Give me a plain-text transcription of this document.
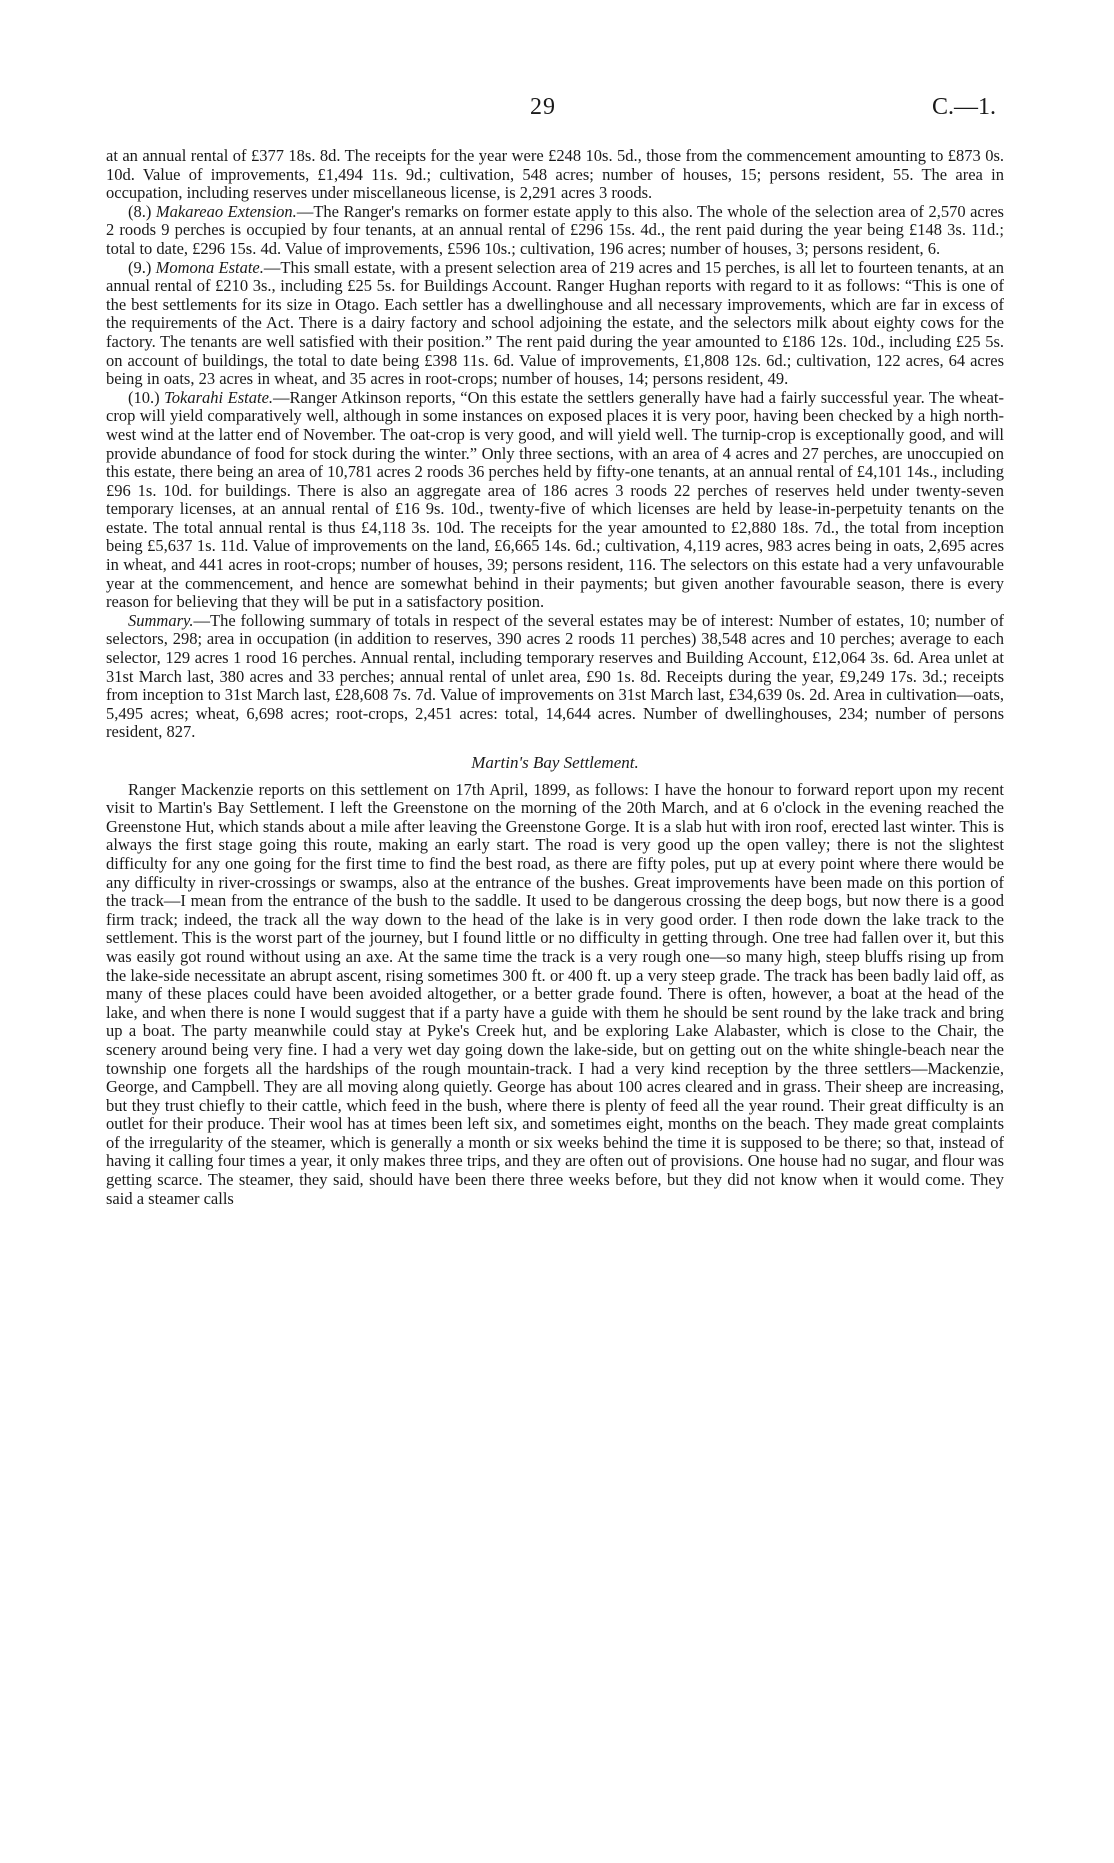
29	C.—1.

at an annual rental of £377 18s. 8d. The receipts for the year were £248 10s. 5d., those from the commencement amounting to £873 0s. 10d. Value of improvements, £1,494 11s. 9d.; cultivation, 548 acres; number of houses, 15; persons resident, 55. The area in occupation, including reserves under miscellaneous license, is 2,291 acres 3 roods.

(8.) Makareao Extension.—The Ranger's remarks on former estate apply to this also. The whole of the selection area of 2,570 acres 2 roods 9 perches is occupied by four tenants, at an annual rental of £296 15s. 4d., the rent paid during the year being £148 3s. 11d.; total to date, £296 15s. 4d. Value of improvements, £596 10s.; cultivation, 196 acres; number of houses, 3; persons resident, 6.

(9.) Momona Estate.—This small estate, with a present selection area of 219 acres and 15 perches, is all let to fourteen tenants, at an annual rental of £210 3s., including £25 5s. for Buildings Account. Ranger Hughan reports with regard to it as follows: “This is one of the best settlements for its size in Otago. Each settler has a dwellinghouse and all necessary improvements, which are far in excess of the requirements of the Act. There is a dairy factory and school adjoining the estate, and the selectors milk about eighty cows for the factory. The tenants are well satisfied with their position.” The rent paid during the year amounted to £186 12s. 10d., including £25 5s. on account of buildings, the total to date being £398 11s. 6d. Value of improvements, £1,808 12s. 6d.; cultivation, 122 acres, 64 acres being in oats, 23 acres in wheat, and 35 acres in root-crops; number of houses, 14; persons resident, 49.

(10.) Tokarahi Estate.—Ranger Atkinson reports, “On this estate the settlers generally have had a fairly successful year. The wheat-crop will yield comparatively well, although in some instances on exposed places it is very poor, having been checked by a high north-west wind at the latter end of November. The oat-crop is very good, and will yield well. The turnip-crop is exceptionally good, and will provide abundance of food for stock during the winter.” Only three sections, with an area of 4 acres and 27 perches, are unoccupied on this estate, there being an area of 10,781 acres 2 roods 36 perches held by fifty-one tenants, at an annual rental of £4,101 14s., including £96 1s. 10d. for buildings. There is also an aggregate area of 186 acres 3 roods 22 perches of reserves held under twenty-seven temporary licenses, at an annual rental of £16 9s. 10d., twenty-five of which licenses are held by lease-in-perpetuity tenants on the estate. The total annual rental is thus £4,118 3s. 10d. The receipts for the year amounted to £2,880 18s. 7d., the total from inception being £5,637 1s. 11d. Value of improvements on the land, £6,665 14s. 6d.; cultivation, 4,119 acres, 983 acres being in oats, 2,695 acres in wheat, and 441 acres in root-crops; number of houses, 39; persons resident, 116. The selectors on this estate had a very unfavourable year at the commencement, and hence are somewhat behind in their payments; but given another favourable season, there is every reason for believing that they will be put in a satisfactory position.

Summary.—The following summary of totals in respect of the several estates may be of interest: Number of estates, 10; number of selectors, 298; area in occupation (in addition to reserves, 390 acres 2 roods 11 perches) 38,548 acres and 10 perches; average to each selector, 129 acres 1 rood 16 perches. Annual rental, including temporary reserves and Building Account, £12,064 3s. 6d. Area unlet at 31st March last, 380 acres and 33 perches; annual rental of unlet area, £90 1s. 8d. Receipts during the year, £9,249 17s. 3d.; receipts from inception to 31st March last, £28,608 7s. 7d. Value of improvements on 31st March last, £34,639 0s. 2d. Area in cultivation—oats, 5,495 acres; wheat, 6,698 acres; root-crops, 2,451 acres: total, 14,644 acres. Number of dwellinghouses, 234; number of persons resident, 827.

Martin's Bay Settlement.

Ranger Mackenzie reports on this settlement on 17th April, 1899, as follows: I have the honour to forward report upon my recent visit to Martin's Bay Settlement. I left the Greenstone on the morning of the 20th March, and at 6 o'clock in the evening reached the Greenstone Hut, which stands about a mile after leaving the Greenstone Gorge. It is a slab hut with iron roof, erected last winter. This is always the first stage going this route, making an early start. The road is very good up the open valley; there is not the slightest difficulty for any one going for the first time to find the best road, as there are fifty poles, put up at every point where there would be any difficulty in river-crossings or swamps, also at the entrance of the bushes. Great improvements have been made on this portion of the track—I mean from the entrance of the bush to the saddle. It used to be dangerous crossing the deep bogs, but now there is a good firm track; indeed, the track all the way down to the head of the lake is in very good order. I then rode down the lake track to the settlement. This is the worst part of the journey, but I found little or no difficulty in getting through. One tree had fallen over it, but this was easily got round without using an axe. At the same time the track is a very rough one—so many high, steep bluffs rising up from the lake-side necessitate an abrupt ascent, rising sometimes 300 ft. or 400 ft. up a very steep grade. The track has been badly laid off, as many of these places could have been avoided altogether, or a better grade found. There is often, however, a boat at the head of the lake, and when there is none I would suggest that if a party have a guide with them he should be sent round by the lake track and bring up a boat. The party meanwhile could stay at Pyke's Creek hut, and be exploring Lake Alabaster, which is close to the Chair, the scenery around being very fine. I had a very wet day going down the lake-side, but on getting out on the white shingle-beach near the township one forgets all the hardships of the rough mountain-track. I had a very kind reception by the three settlers—Mackenzie, George, and Campbell. They are all moving along quietly. George has about 100 acres cleared and in grass. Their sheep are increasing, but they trust chiefly to their cattle, which feed in the bush, where there is plenty of feed all the year round. Their great difficulty is an outlet for their produce. Their wool has at times been left six, and sometimes eight, months on the beach. They made great complaints of the irregularity of the steamer, which is generally a month or six weeks behind the time it is supposed to be there; so that, instead of having it calling four times a year, it only makes three trips, and they are often out of provisions. One house had no sugar, and flour was getting scarce. The steamer, they said, should have been there three weeks before, but they did not know when it would come. They said a steamer calls
